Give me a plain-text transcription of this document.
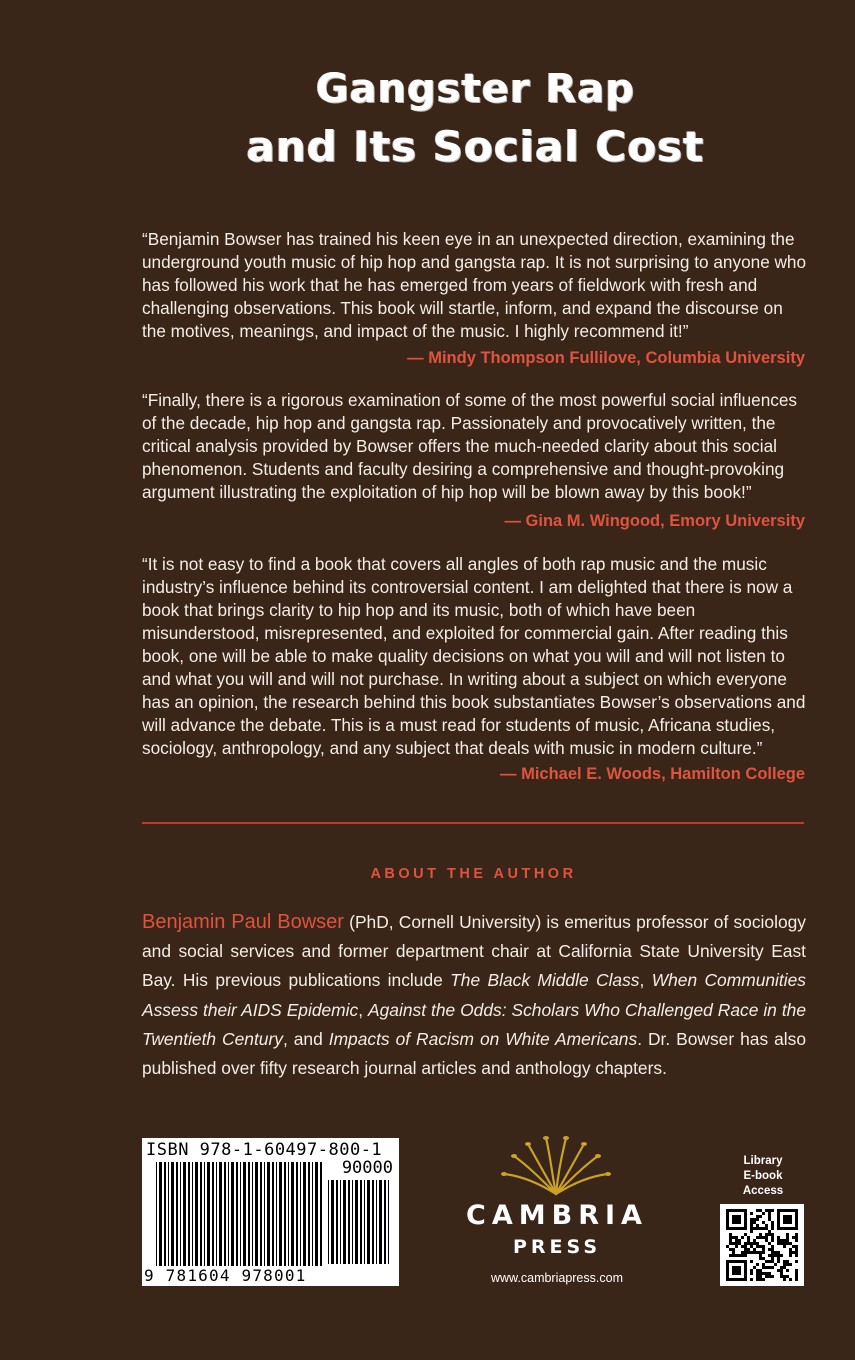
Gangster Rap
and Its Social Cost

“Benjamin Bowser has trained his keen eye in an unexpected direction, examining the underground youth music of hip hop and gangsta rap. It is not surprising to anyone who has followed his work that he has emerged from years of fieldwork with fresh and challenging observations. This book will startle, inform, and expand the discourse on the motives, meanings, and impact of the music. I highly recommend it!”

— Mindy Thompson Fullilove, Columbia University

“Finally, there is a rigorous examination of some of the most powerful social influences of the decade, hip hop and gangsta rap. Passionately and provocatively written, the critical analysis provided by Bowser offers the much-needed clarity about this social phenomenon. Students and faculty desiring a comprehensive and thought-provoking argument illustrating the exploitation of hip hop will be blown away by this book!”

— Gina M. Wingood, Emory University

“It is not easy to find a book that covers all angles of both rap music and the music industry’s influence behind its controversial content. I am delighted that there is now a book that brings clarity to hip hop and its music, both of which have been misunderstood, misrepresented, and exploited for commercial gain. After reading this book, one will be able to make quality decisions on what you will and will not listen to and what you will and will not purchase. In writing about a subject on which everyone has an opinion, the research behind this book substantiates Bowser’s observations and will advance the debate. This is a must read for students of music, Africana studies, sociology, anthropology, and any subject that deals with music in modern culture.”

— Michael E. Woods, Hamilton College
ABOUT THE AUTHOR

Benjamin Paul Bowser (PhD, Cornell University) is emeritus professor of sociology and social services and former department chair at California State University East Bay. His previous publications include The Black Middle Class, When Communities Assess their AIDS Epidemic, Against the Odds: Scholars Who Challenged Race in the Twentieth Century, and Impacts of Racism on White Americans. Dr. Bowser has also published over fifty research journal articles and anthology chapters.

ISBN 978-1-60497-800-1
90000
9 781604 978001
CAMBRIA
PRESS
www.cambriapress.com
Library
E-book
Access
